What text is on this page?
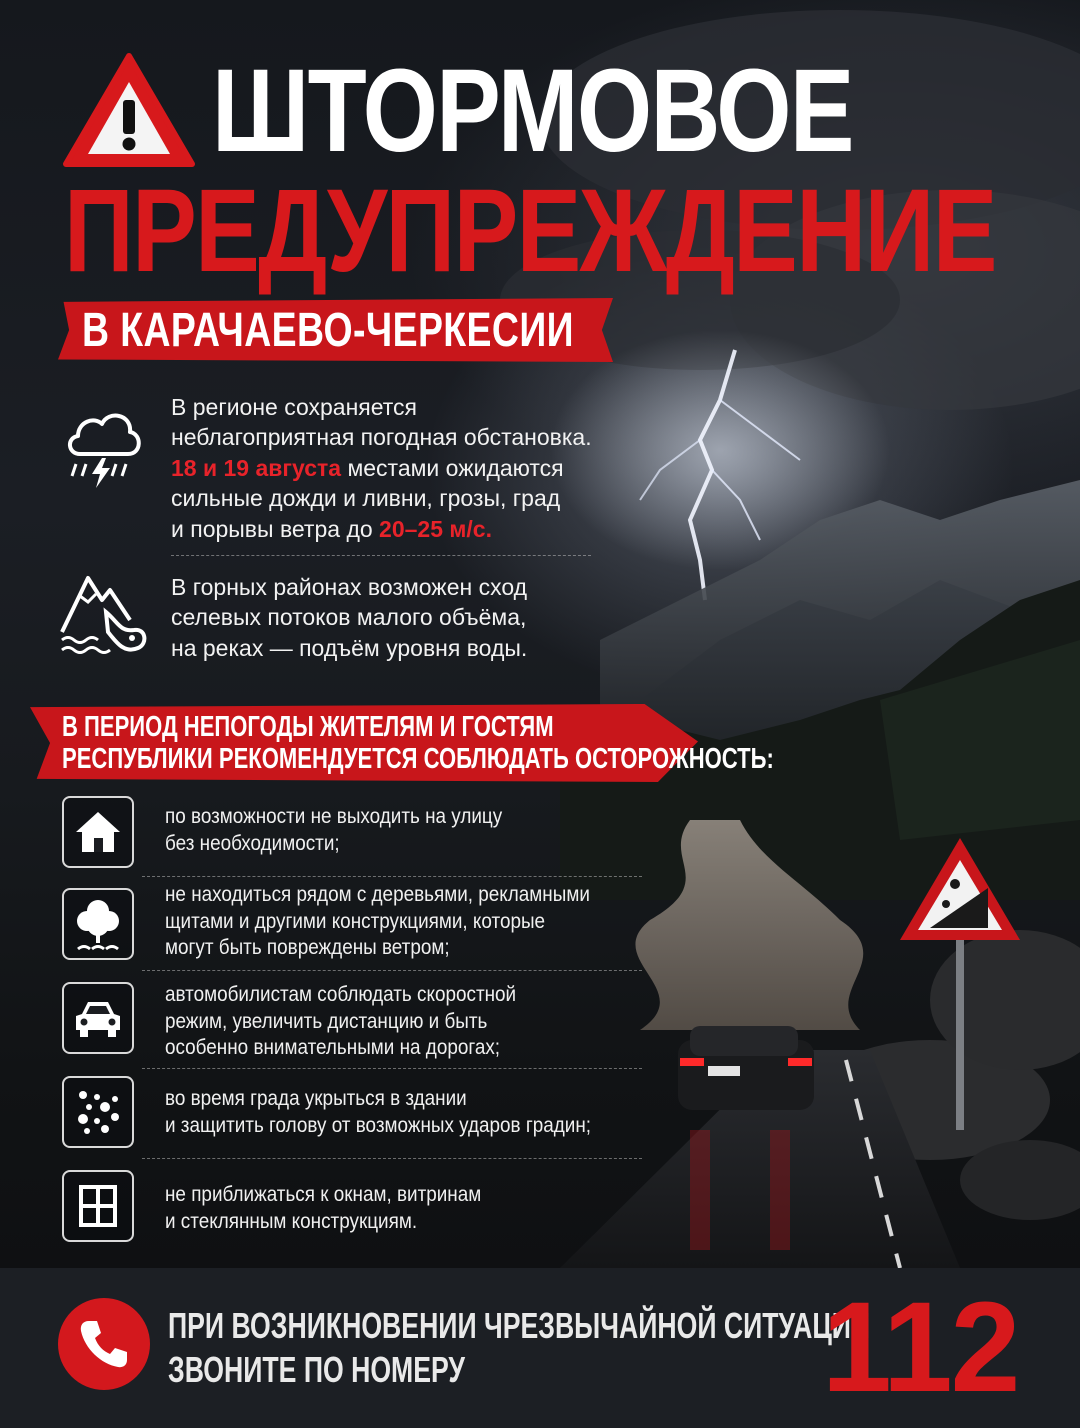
ШТОРМОВОЕ
ПРЕДУПРЕЖДЕНИЕ
В КАРАЧАЕВО-ЧЕРКЕСИИ
В регионе сохраняется
неблагоприятная погодная обстановка.
18 и 19 августа местами ожидаются
сильные дожди и ливни, грозы, град
и порывы ветра до 20–25 м/с.
В горных районах возможен сход
селевых потоков малого объёма,
на реках — подъём уровня воды.
В ПЕРИОД НЕПОГОДЫ ЖИТЕЛЯМ И ГОСТЯМ
РЕСПУБЛИКИ РЕКОМЕНДУЕТСЯ СОБЛЮДАТЬ ОСТОРОЖНОСТЬ:
по возможности не выходить на улицу
без необходимости;
не находиться рядом с деревьями, рекламными
щитами и другими конструкциями, которые
могут быть повреждены ветром;
автомобилистам соблюдать скоростной
режим, увеличить дистанцию и быть
особенно внимательными на дорогах;
во время града укрыться в здании
и защитить голову от возможных ударов градин;
не приближаться к окнам, витринам
и стеклянным конструкциям.
ПРИ ВОЗНИКНОВЕНИИ ЧРЕЗВЫЧАЙНОЙ СИТУАЦИИ
ЗВОНИТЕ ПО НОМЕРУ	112
